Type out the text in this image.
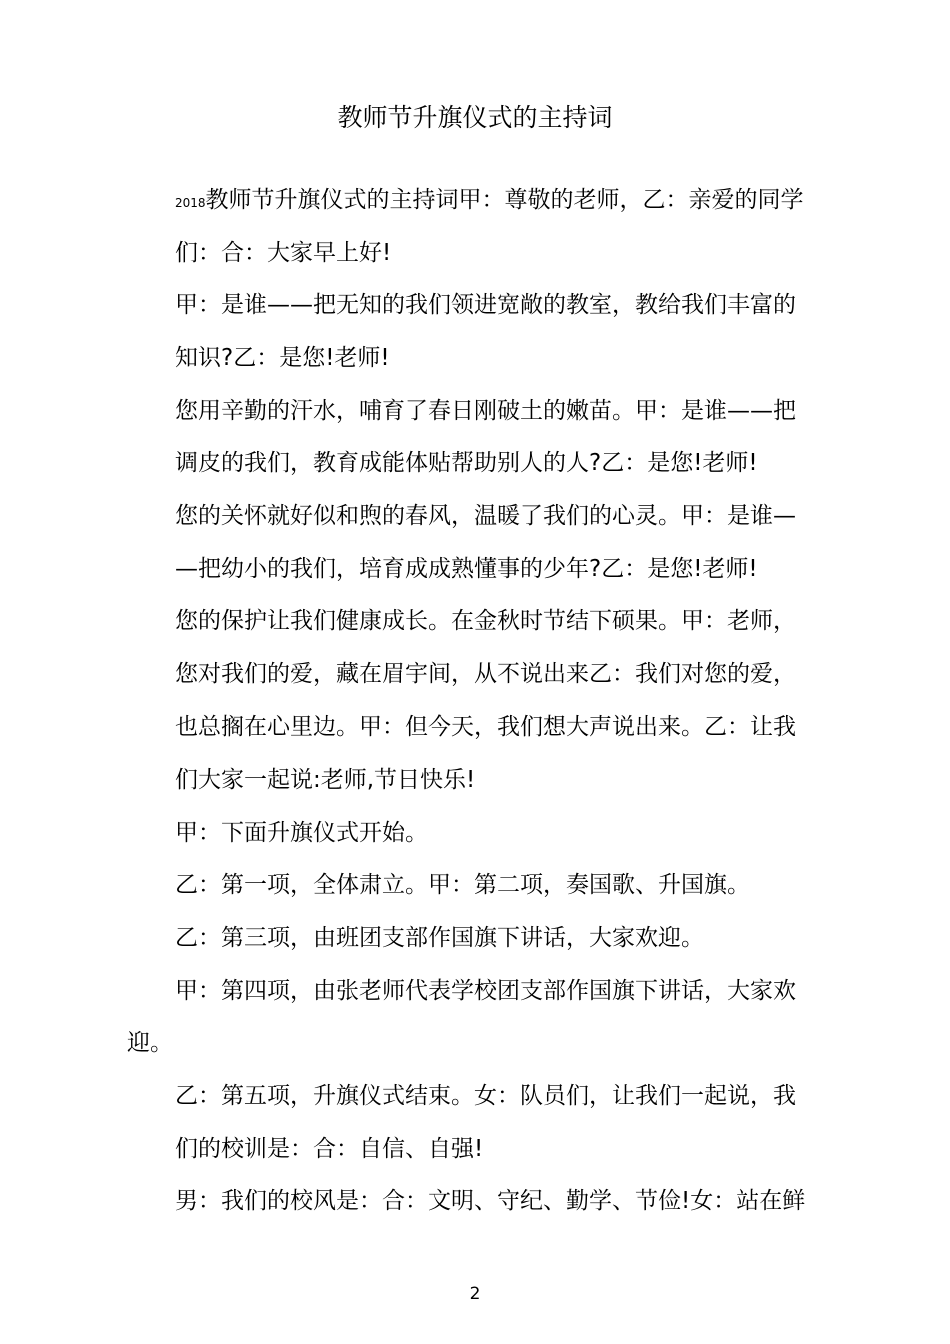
教师节升旗仪式的主持词
2018教师节升旗仪式的主持词甲：尊敬的老师，乙：亲爱的同学
们：合：大家早上好!
甲：是谁——把无知的我们领进宽敞的教室，教给我们丰富的
知识?乙：是您!老师!
您用辛勤的汗水，哺育了春日刚破土的嫩苗。甲：是谁——把
调皮的我们，教育成能体贴帮助别人的人?乙：是您!老师!
您的关怀就好似和煦的春风，温暖了我们的心灵。甲：是谁—
—把幼小的我们，培育成成熟懂事的少年?乙：是您!老师!
您的保护让我们健康成长。在金秋时节结下硕果。甲：老师，
您对我们的爱，藏在眉宇间，从不说出来乙：我们对您的爱，
也总搁在心里边。甲：但今天，我们想大声说出来。乙：让我
们大家一起说:老师,节日快乐!
甲：下面升旗仪式开始。
乙：第一项，全体肃立。甲：第二项，奏国歌、升国旗。
乙：第三项，由班团支部作国旗下讲话，大家欢迎。
甲：第四项，由张老师代表学校团支部作国旗下讲话，大家欢
迎。
乙：第五项，升旗仪式结束。女：队员们，让我们一起说，我
们的校训是：合：自信、自强!
男：我们的校风是：合：文明、守纪、勤学、节俭!女：站在鲜
2
